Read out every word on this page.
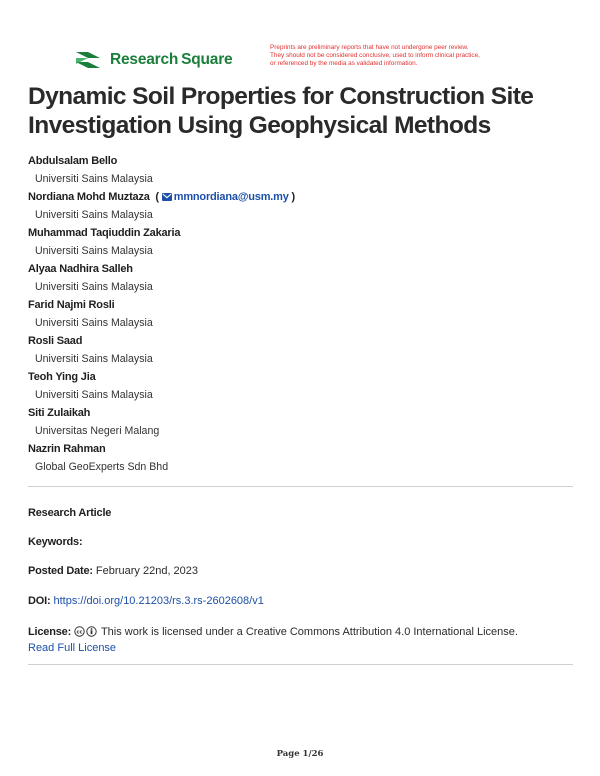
Research  Square
Preprints are preliminary reports that have not undergone peer review.
They should not be considered conclusive, used to inform clinical practice,
or referenced by the media as validated information.
Dynamic Soil Properties for Construction Site
Investigation Using Geophysical Methods
Abdulsalam Bello
Universiti Sains Malaysia
Nordiana Mohd Muztaza  ( mmnordiana@usm.my )
Universiti Sains Malaysia
Muhammad Taqiuddin Zakaria
Universiti Sains Malaysia
Alyaa Nadhira Salleh
Universiti Sains Malaysia
Farid Najmi Rosli
Universiti Sains Malaysia
Rosli Saad
Universiti Sains Malaysia
Teoh Ying Jia
Universiti Sains Malaysia
Siti Zulaikah
Universitas Negeri Malang
Nazrin Rahman
Global GeoExperts Sdn Bhd
Research Article
Keywords:
Posted Date: February 22nd, 2023
DOI: https://doi.org/10.21203/rs.3.rs-2602608/v1
License: cc This work is licensed under a Creative Commons Attribution 4.0 International License.
Read Full License
Page 1/26
